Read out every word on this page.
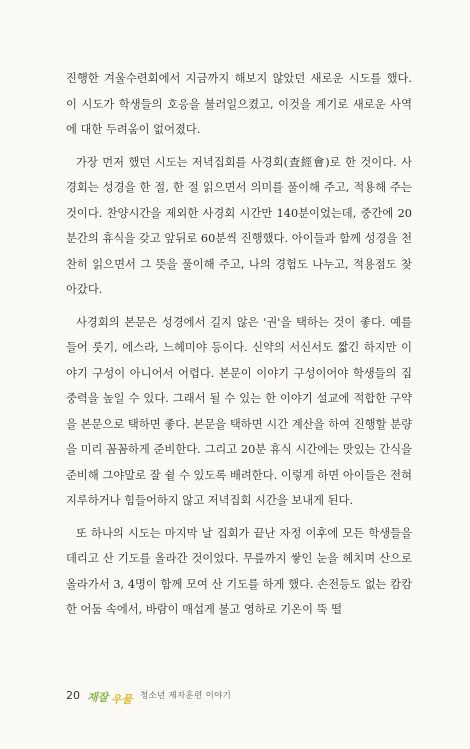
진행한 겨울수련회에서 지금까지 해보지 않았던 새로운 시도를 했다. 이 시도가 학생들의 호응을 불러일으켰고, 이것을 계기로 새로운 사역에 대한 두려움이 없어졌다.

가장 먼저 했던 시도는 저녁집회를 사경회(査經會)로 한 것이다. 사경회는 성경을 한 절, 한 절 읽으면서 의미를 풀이해 주고, 적용해 주는 것이다. 찬양시간을 제외한 사경회 시간만 140분이었는데, 중간에 20분간의 휴식을 갖고 앞뒤로 60분씩 진행했다. 아이들과 함께 성경을 천찬히 읽으면서 그 뜻을 풀이해 주고, 나의 경험도 나누고, 적용점도 찾아갔다.

사경회의 본문은 성경에서 길지 않은 '권'을 택하는 것이 좋다. 예를 들어 룻기, 에스라, 느헤미야 등이다. 신약의 서신서도 짧긴 하지만 이야기 구성이 아니어서 어렵다. 본문이 이야기 구성이어야 학생들의 집중력을 높일 수 있다. 그래서 될 수 있는 한 이야기 설교에 적합한 구약을 본문으로 택하면 좋다. 본문을 택하면 시간 계산을 하여 진행할 분량을 미리 꼼꼼하게 준비한다. 그리고 20분 휴식 시간에는 맛있는 간식을 준비해 그야말로 잘 쉴 수 있도록 배려한다. 이렇게 하면 아이들은 전혀 지루하거나 힘들어하지 않고 저녁집회 시간을 보내게 된다.

또 하나의 시도는 마지막 날 집회가 끝난 자정 이후에 모든 학생들을 데리고 산 기도를 올라간 것이었다. 무릎까지 쌓인 눈을 헤치며 산으로 올라가서 3, 4명이 함께 모여 산 기도를 하게 했다. 손전등도 없는 캄캄한 어둠 속에서, 바람이 매섭게 불고 영하로 기온이 뚝 떨

20 재잘 우물 청소년 제자훈련 이야기
